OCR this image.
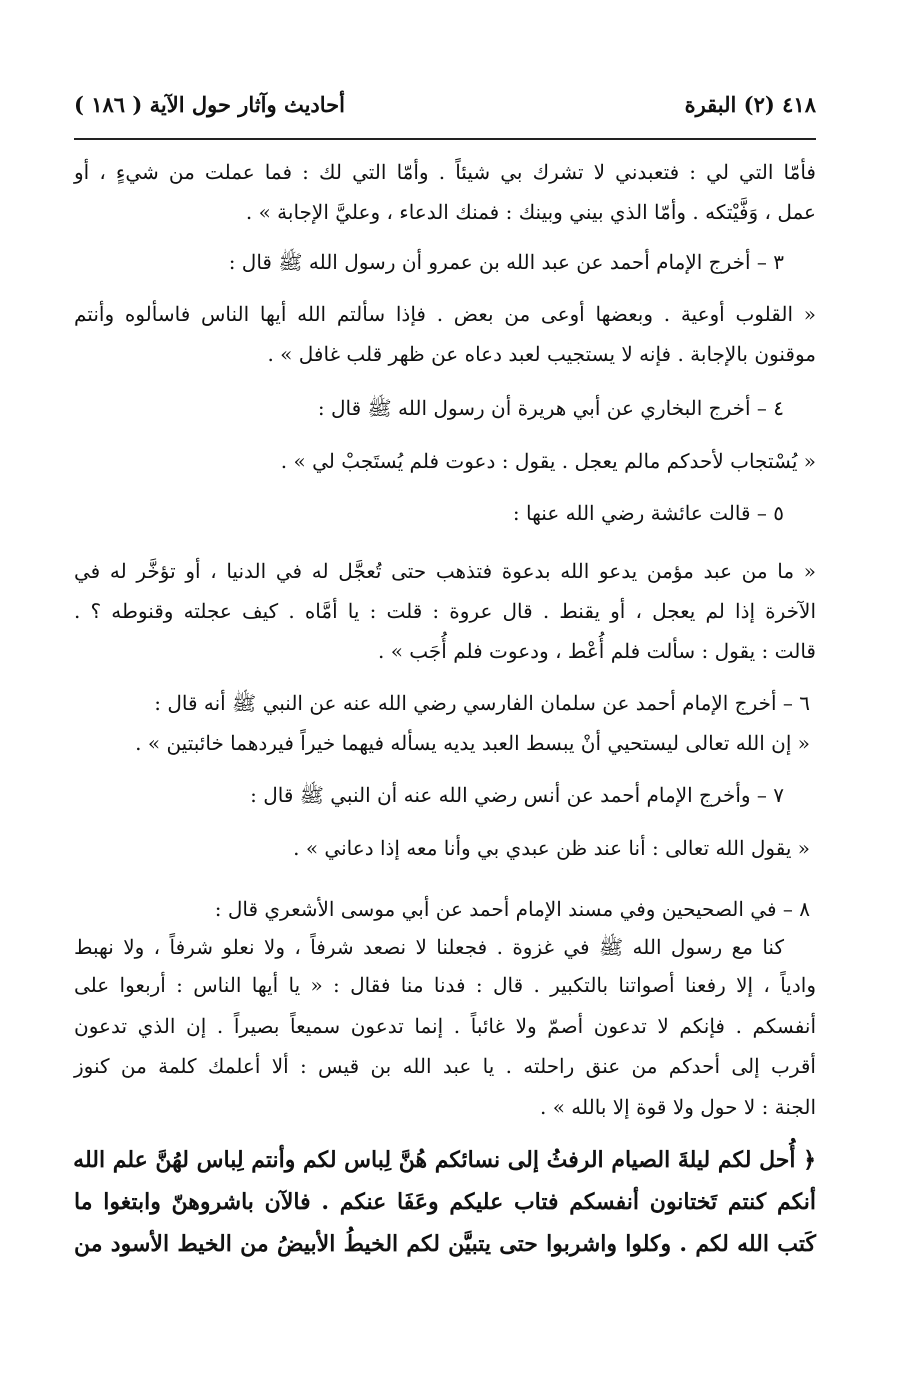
٤١٨ (٢) البقرة
أحاديث وآثار حول الآية ( ١٨٦ )
فأمّا التي لي : فتعبدني لا تشرك بي شيئاً . وأمّا التي لك : فما عملت من شيءٍ ، أو
عمل ، وَفَّيْتكه . وأمّا الذي بيني وبينك : فمنك الدعاء ، وعليَّ الإجابة » .
٣ – أخرج الإمام أحمد عن عبد الله بن عمرو أن رسول الله ﷺ قال :
« القلوب أوعية . وبعضها أوعى من بعض . فإذا سألتم الله أيها الناس فاسألوه وأنتم
موقنون بالإجابة . فإنه لا يستجيب لعبد دعاه عن ظهر قلب غافل » .
٤ – أخرج البخاري عن أبي هريرة أن رسول الله ﷺ قال :
« يُسْتجاب لأحدكم مالم يعجل . يقول : دعوت فلم يُستَجبْ لي » .
٥ – قالت عائشة رضي الله عنها :
« ما من عبد مؤمن يدعو الله بدعوة فتذهب حتى تُعجَّل له في الدنيا ، أو تؤخَّر له في
الآخرة إذا لم يعجل ، أو يقنط . قال عروة : قلت : يا أمَّاه . كيف عجلته وقنوطه ؟ .
قالت : يقول : سألت فلم أُعْط ، ودعوت فلم أُجَب » .
٦ – أخرج الإمام أحمد عن سلمان الفارسي رضي الله عنه عن النبي ﷺ أنه قال :
« إن الله تعالى ليستحيي أنْ يبسط العبد يديه يسأله فيهما خيراً فيردهما خائبتين » .
٧ – وأخرج الإمام أحمد عن أنس رضي الله عنه أن النبي ﷺ قال :
« يقول الله تعالى : أنا عند ظن عبدي بي وأنا معه إذا دعاني » .
٨ – في الصحيحين وفي مسند الإمام أحمد عن أبي موسى الأشعري قال :
كنا مع رسول الله ﷺ في غزوة . فجعلنا لا نصعد شرفاً ، ولا نعلو شرفاً ، ولا نهبط
وادياً ، إلا رفعنا أصواتنا بالتكبير . قال : فدنا منا فقال : « يا أيها الناس : أربعوا على
أنفسكم . فإنكم لا تدعون أصمّ ولا غائباً . إنما تدعون سميعاً بصيراً . إن الذي تدعون
أقرب إلى أحدكم من عنق راحلته . يا عبد الله بن قيس : ألا أعلمك كلمة من كنوز
الجنة : لا حول ولا قوة إلا بالله » .
﴿ أُحل لكم ليلةَ الصيام الرفثُ إلى نسائكم هُنَّ لِباس لكم وأنتم لِباس لهُنَّ علم الله
أنكم كنتم تَختانون أنفسكم فتاب عليكم وعَفَا عنكم . فالآن باشروهنّ وابتغوا ما
كَتب الله لكم . وكلوا واشربوا حتى يتبيَّن لكم الخيطُ الأبيضُ من الخيط الأسود من
